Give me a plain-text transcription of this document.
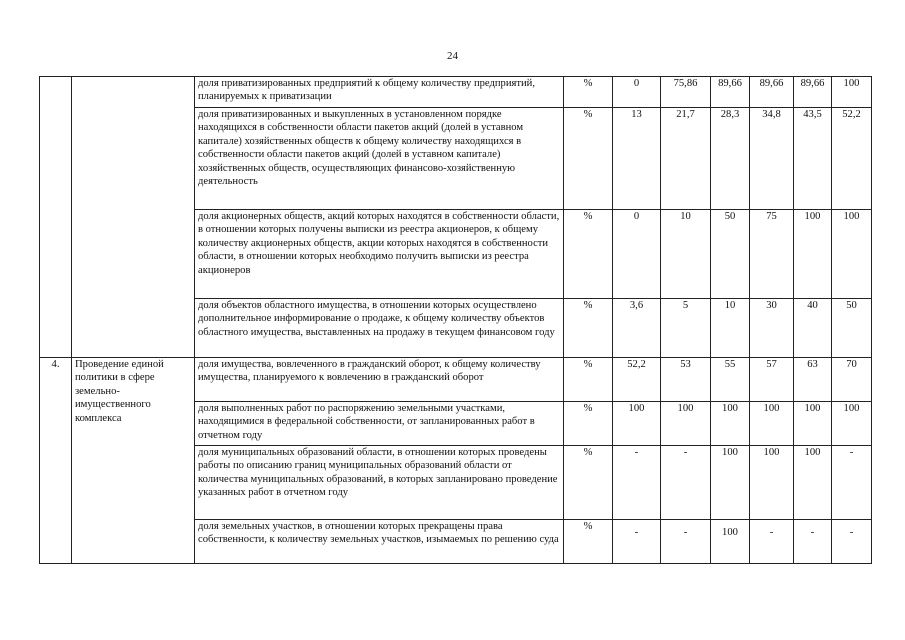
24
		доля приватизированных предприятий к общему количеству предприятий, планируемых к приватизации	%	0	75,86	89,66	89,66	89,66	100
		доля приватизированных и выкупленных в установленном порядке находящихся в собственности области пакетов акций (долей в уставном капитале) хозяйственных обществ к общему количеству находящихся в собственности области пакетов акций (долей в уставном капитале) хозяйственных обществ, осуществляющих финансово-хозяйственную деятельность	%	13	21,7	28,3	34,8	43,5	52,2
		доля акционерных обществ, акций которых находятся в собственности области, в отношении которых получены выписки из реестра акционеров, к общему количеству акционерных обществ, акции которых находятся в собственности области, в отношении которых необходимо получить выписки из реестра акционеров	%	0	10	50	75	100	100
		доля объектов областного имущества, в отношении которых осуществлено дополнительное информирование о продаже, к общему количеству объектов областного имущества, выставленных на продажу в текущем финансовом году	%	3,6	5	10	30	40	50
4.	Проведение единой политики в сфере земельно-имущественного комплекса	доля имущества, вовлеченного в гражданский оборот, к общему количеству имущества, планируемого к вовлечению в гражданский оборот	%	52,2	53	55	57	63	70
		доля выполненных работ по распоряжению земельными участками, находящимися в федеральной собственности, от запланированных работ в отчетном году	%	100	100	100	100	100	100
		доля муниципальных образований области, в отношении которых проведены работы по описанию границ муниципальных образований области от количества муниципальных образований, в которых запланировано проведение указанных работ в отчетном году	%	-	-	100	100	100	-
		доля земельных участков, в отношении которых прекращены права собственности, к количеству земельных участков, изымаемых по решению суда	%	-	-	100	-	-	-
